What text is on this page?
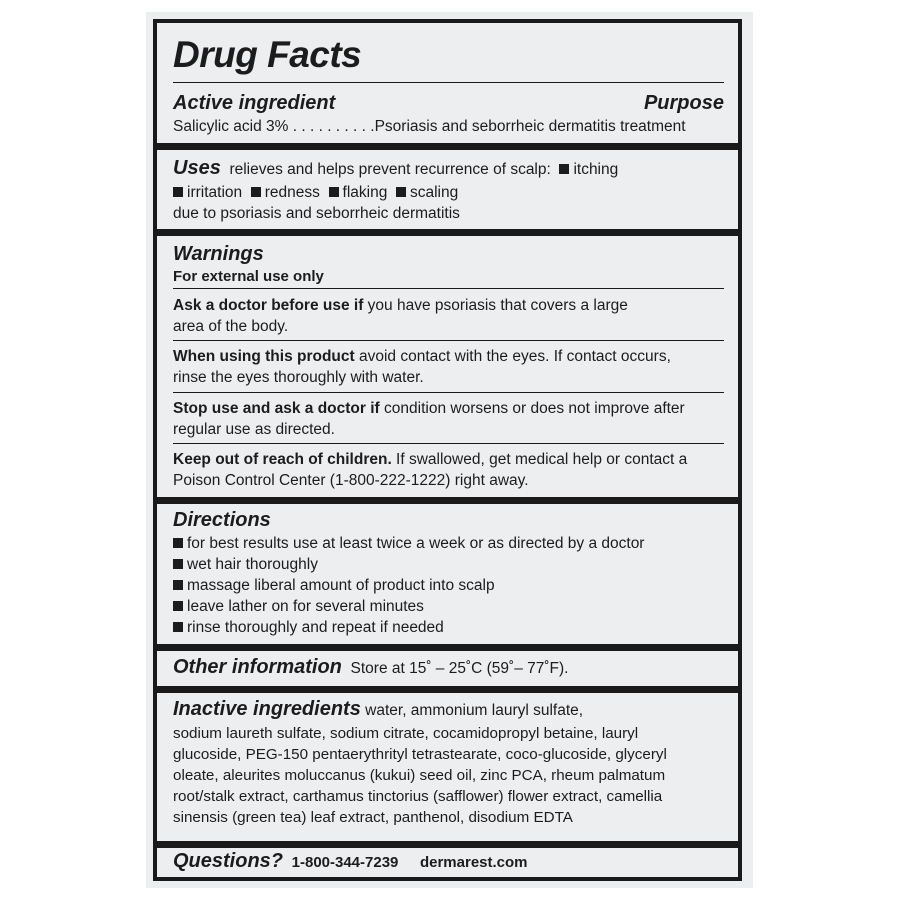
Drug Facts
Active ingredient	Purpose
Salicylic acid 3% . . . . . . . . . .Psoriasis and seborrheic dermatitis treatment
Uses relieves and helps prevent recurrence of scalp: itching
irritation redness flaking scaling
due to psoriasis and seborrheic dermatitis
Warnings
For external use only
Ask a doctor before use if you have psoriasis that covers a large
area of the body.
When using this product avoid contact with the eyes. If contact occurs,
rinse the eyes thoroughly with water.
Stop use and ask a doctor if condition worsens or does not improve after
regular use as directed.
Keep out of reach of children. If swallowed, get medical help or contact a
Poison Control Center (1-800-222-1222) right away.
Directions
for best results use at least twice a week or as directed by a doctor
wet hair thoroughly
massage liberal amount of product into scalp
leave lather on for several minutes
rinse thoroughly and repeat if needed
Other information Store at 15˚ – 25˚C (59˚– 77˚F).
Inactive ingredients water, ammonium lauryl sulfate,
sodium laureth sulfate, sodium citrate, cocamidopropyl betaine, lauryl
glucoside, PEG-150 pentaerythrityl tetrastearate, coco-glucoside, glyceryl
oleate, aleurites moluccanus (kukui) seed oil, zinc PCA, rheum palmatum
root/stalk extract, carthamus tinctorius (safflower) flower extract, camellia
sinensis (green tea) leaf extract, panthenol, disodium EDTA
Questions? 1-800-344-7239 dermarest.com
